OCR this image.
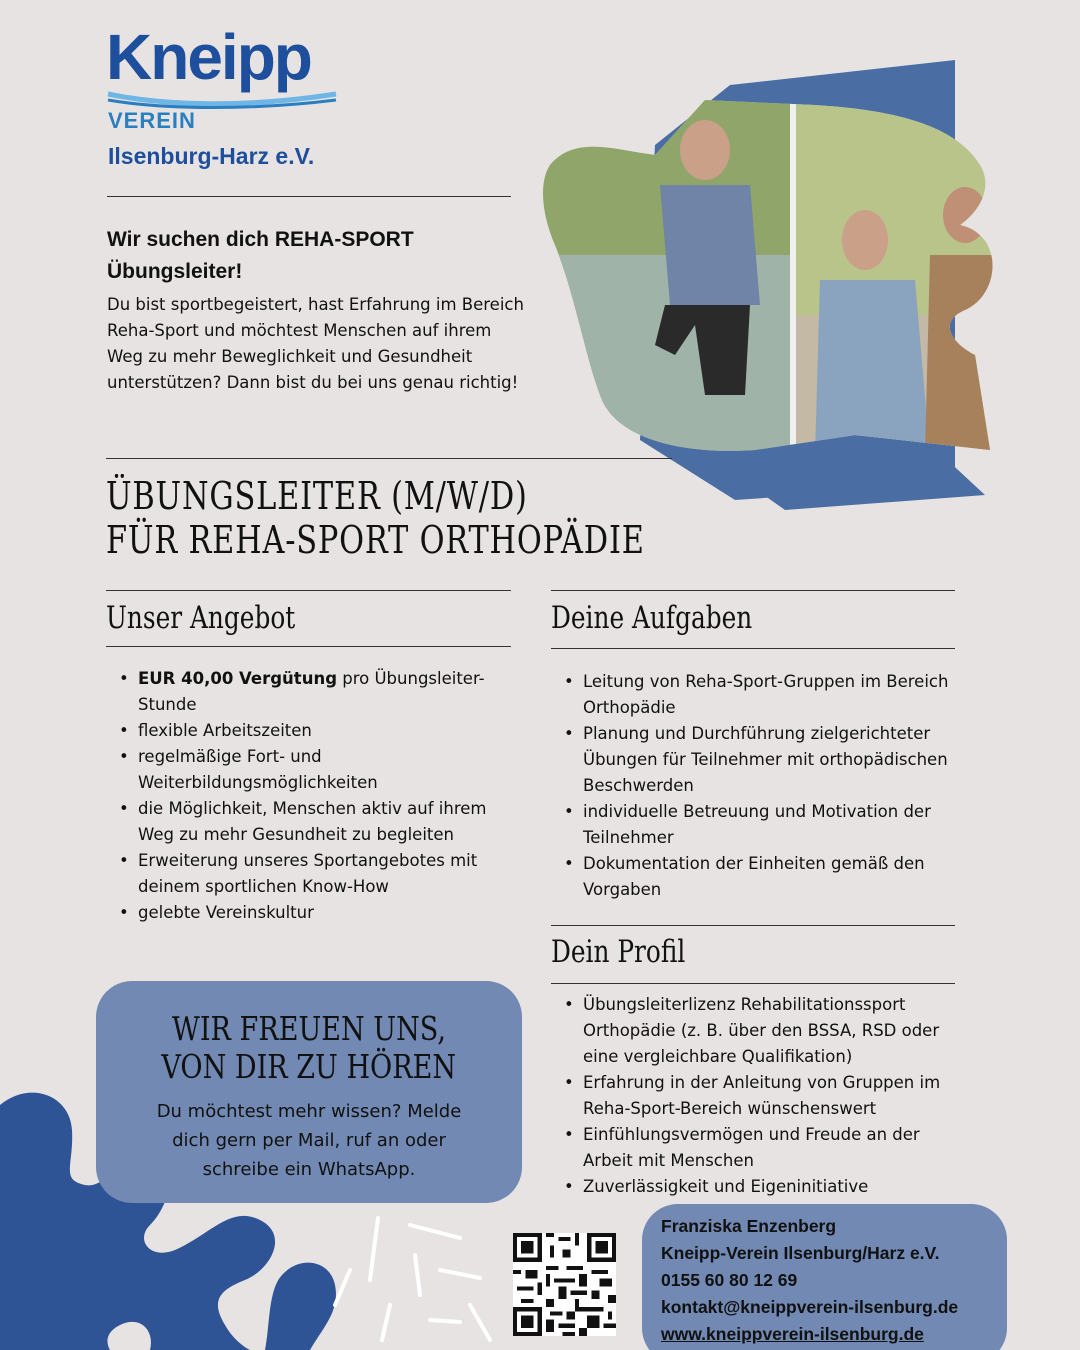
Kneipp
VEREIN
Ilsenburg-Harz e.V.
Wir suchen dich REHA-SPORT Übungsleiter!
Du bist sportbegeistert, hast Erfahrung im Bereich Reha-Sport und möchtest Menschen auf ihrem Weg zu mehr Beweglichkeit und Gesundheit unterstützen? Dann bist du bei uns genau richtig!
ÜBUNGSLEITER (M/W/D)
FÜR REHA-SPORT ORTHOPÄDIE
Unser Angebot
• EUR 40,00 Vergütung pro Übungsleiter-Stunde
• flexible Arbeitszeiten
• regelmäßige Fort- und Weiterbildungsmöglichkeiten
• die Möglichkeit, Menschen aktiv auf ihrem Weg zu mehr Gesundheit zu begleiten
• Erweiterung unseres Sportangebotes mit deinem sportlichen Know-How
• gelebte Vereinskultur
Deine Aufgaben
• Leitung von Reha-Sport-Gruppen im Bereich Orthopädie
• Planung und Durchführung zielgerichteter Übungen für Teilnehmer mit orthopädischen Beschwerden
• individuelle Betreuung und Motivation der Teilnehmer
• Dokumentation der Einheiten gemäß den Vorgaben
Dein Profil
• Übungsleiterlizenz Rehabilitationssport Orthopädie (z. B. über den BSSA, RSD oder eine vergleichbare Qualifikation)
• Erfahrung in der Anleitung von Gruppen im Reha-Sport-Bereich wünschenswert
• Einfühlungsvermögen und Freude an der Arbeit mit Menschen
• Zuverlässigkeit und Eigeninitiative
WIR FREUEN UNS,
VON DIR ZU HÖREN
Du möchtest mehr wissen? Melde dich gern per Mail, ruf an oder schreibe ein WhatsApp.
Franziska Enzenberg
Kneipp-Verein Ilsenburg/Harz e.V.
0155 60 80 12 69
kontakt@kneippverein-ilsenburg.de
www.kneippverein-ilsenburg.de
